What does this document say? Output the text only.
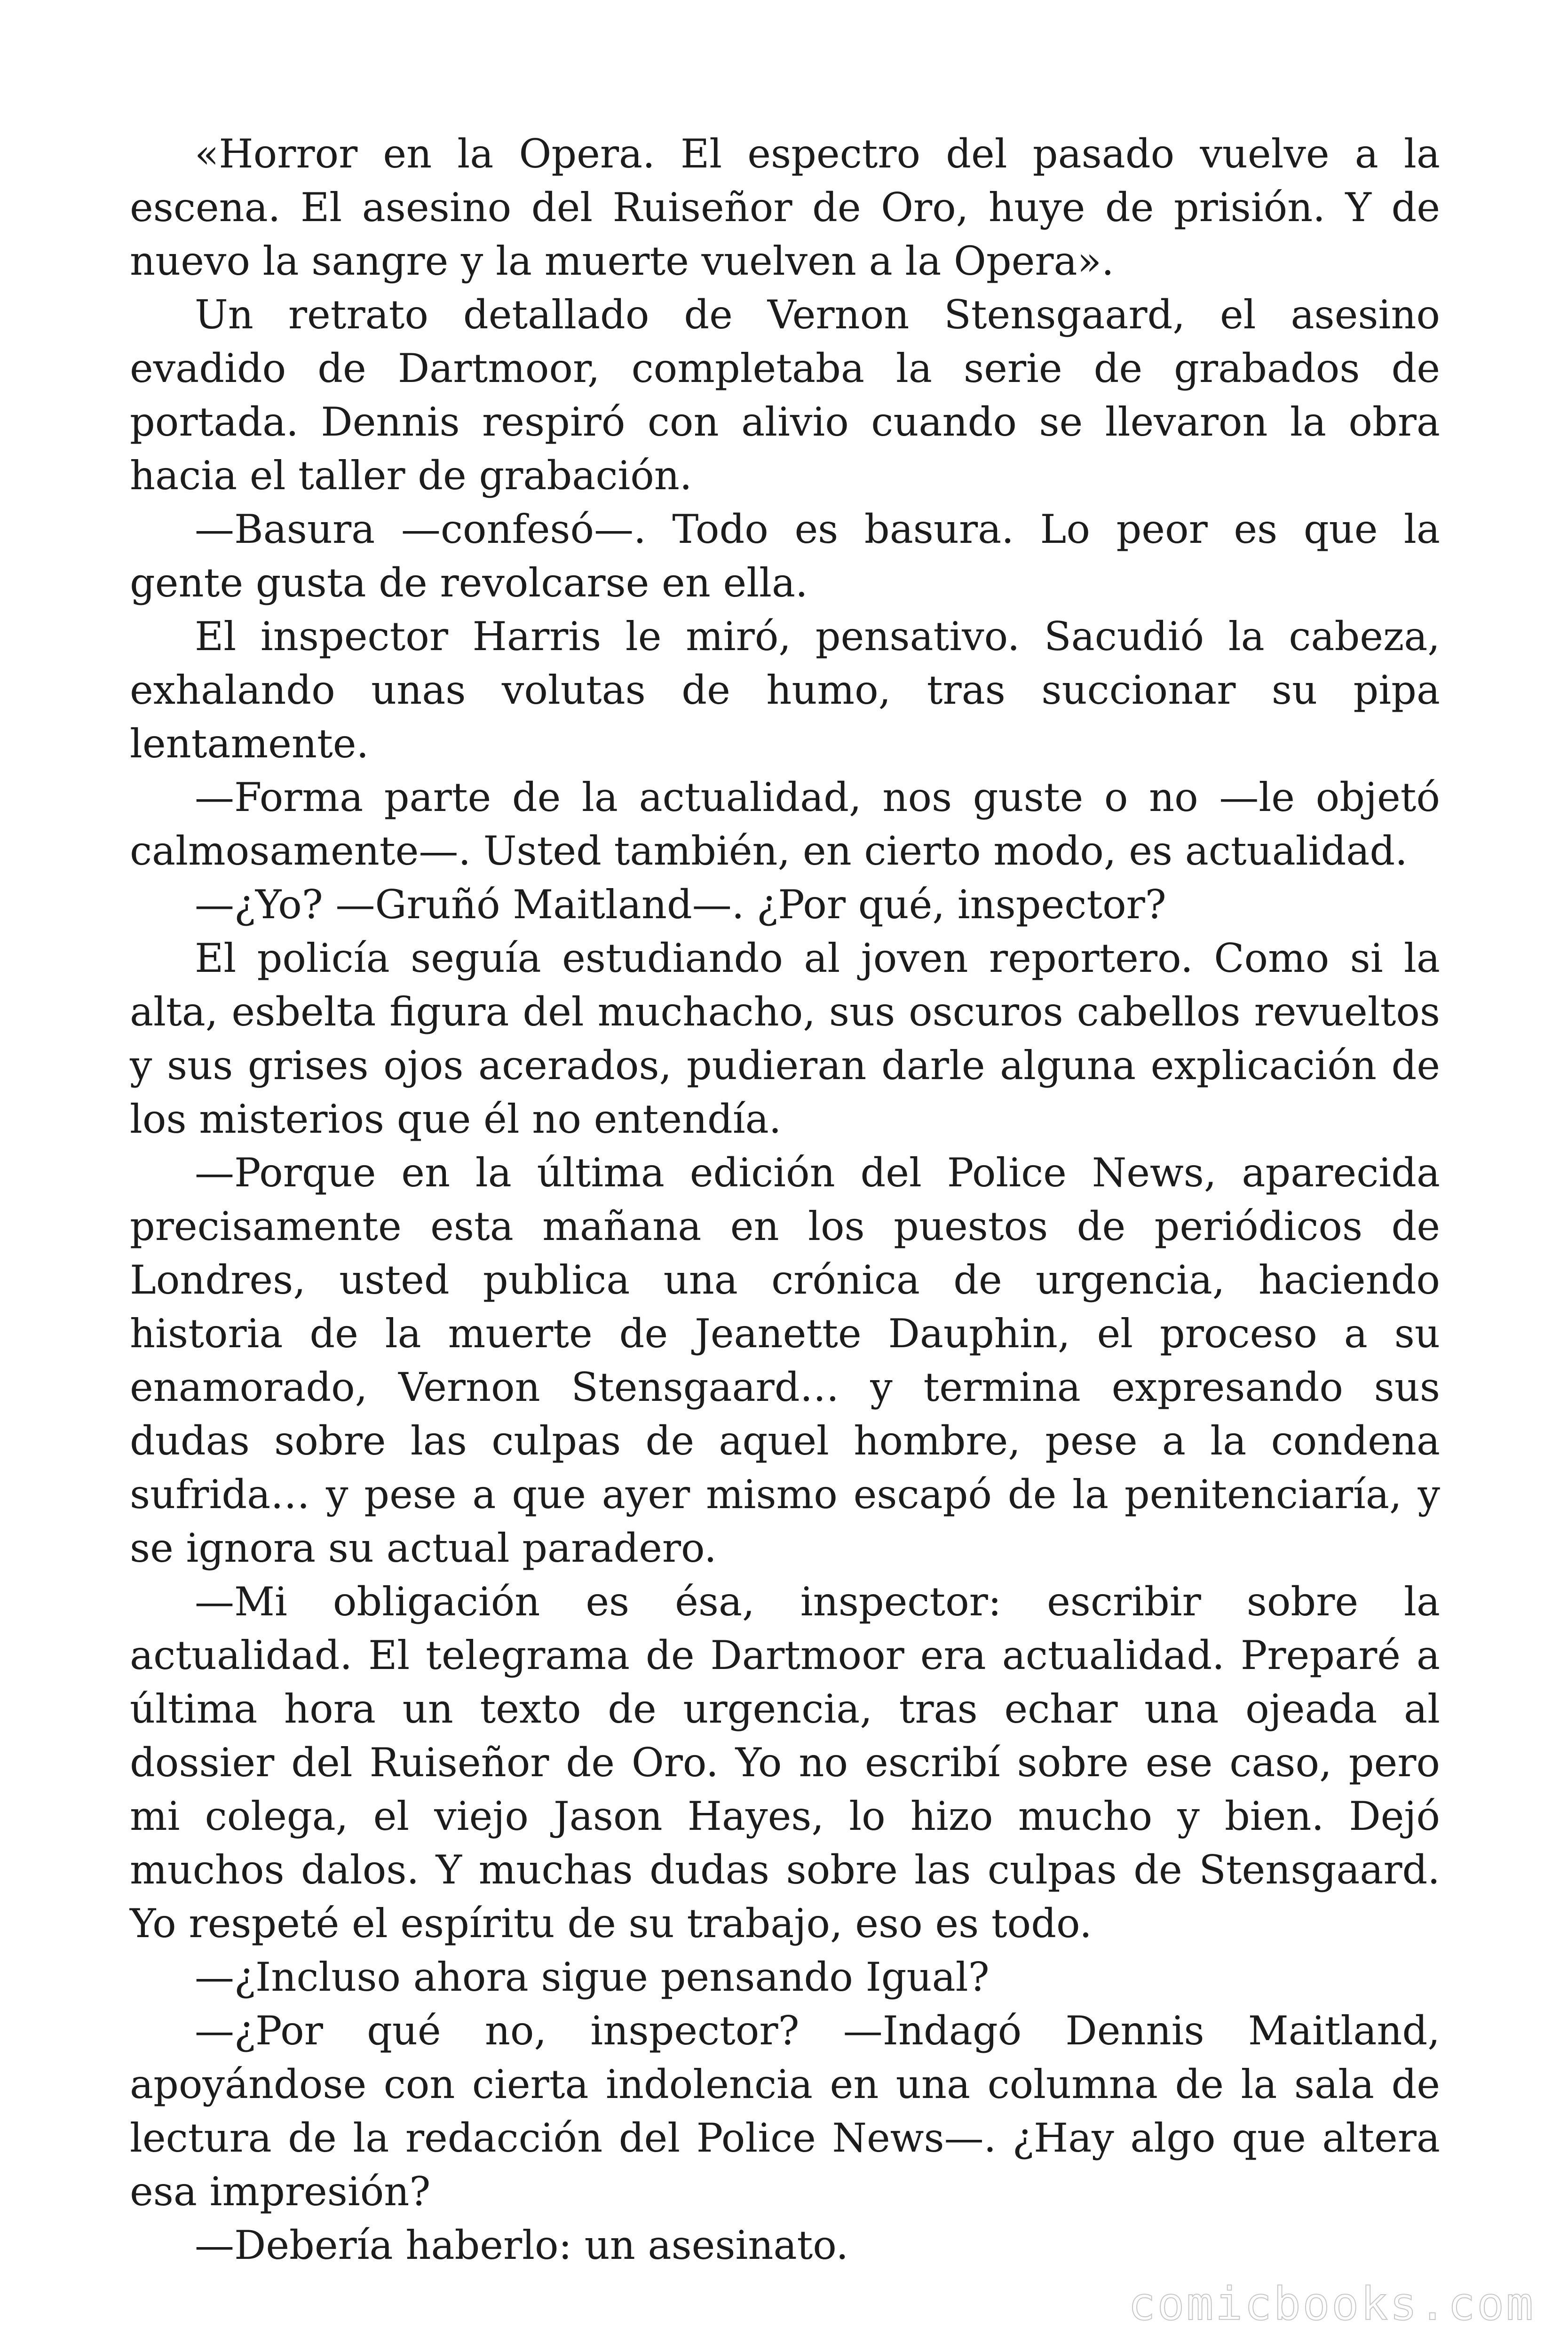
«Horror en la Opera. El espectro del pasado vuelve a la escena. El asesino del Ruiseñor de Oro, huye de prisión. Y de nuevo la sangre y la muerte vuelven a la Opera».

Un retrato detallado de Vernon Stensgaard, el asesino evadido de Dartmoor, completaba la serie de grabados de portada. Dennis respiró con alivio cuando se llevaron la obra hacia el taller de grabación.

—Basura —confesó—. Todo es basura. Lo peor es que la gente gusta de revolcarse en ella.

El inspector Harris le miró, pensativo. Sacudió la cabeza, exhalando unas volutas de humo, tras succionar su pipa lentamente.

—Forma parte de la actualidad, nos guste o no —le objetó calmosamente—. Usted también, en cierto modo, es actualidad.

—¿Yo? —Gruñó Maitland—. ¿Por qué, inspector?

El policía seguía estudiando al joven reportero. Como si la alta, esbelta figura del muchacho, sus oscuros cabellos revueltos y sus grises ojos acerados, pudieran darle alguna explicación de los misterios que él no entendía.

—Porque en la última edición del Police News, aparecida precisamente esta mañana en los puestos de periódicos de Londres, usted publica una crónica de urgencia, haciendo historia de la muerte de Jeanette Dauphin, el proceso a su enamorado, Vernon Stensgaard… y termina expresando sus dudas sobre las culpas de aquel hombre, pese a la condena sufrida… y pese a que ayer mismo escapó de la penitenciaría, y se ignora su actual paradero.

—Mi obligación es ésa, inspector: escribir sobre la actualidad. El telegrama de Dartmoor era actualidad. Preparé a última hora un texto de urgencia, tras echar una ojeada al dossier del Ruiseñor de Oro. Yo no escribí sobre ese caso, pero mi colega, el viejo Jason Hayes, lo hizo mucho y bien. Dejó muchos dalos. Y muchas dudas sobre las culpas de Stensgaard. Yo respeté el espíritu de su trabajo, eso es todo.

—¿Incluso ahora sigue pensando Igual?

—¿Por qué no, inspector? —Indagó Dennis Maitland, apoyándose con cierta indolencia en una columna de la sala de lectura de la redacción del Police News—. ¿Hay algo que altera esa impresión?

—Debería haberlo: un asesinato.

comicbooks.com
